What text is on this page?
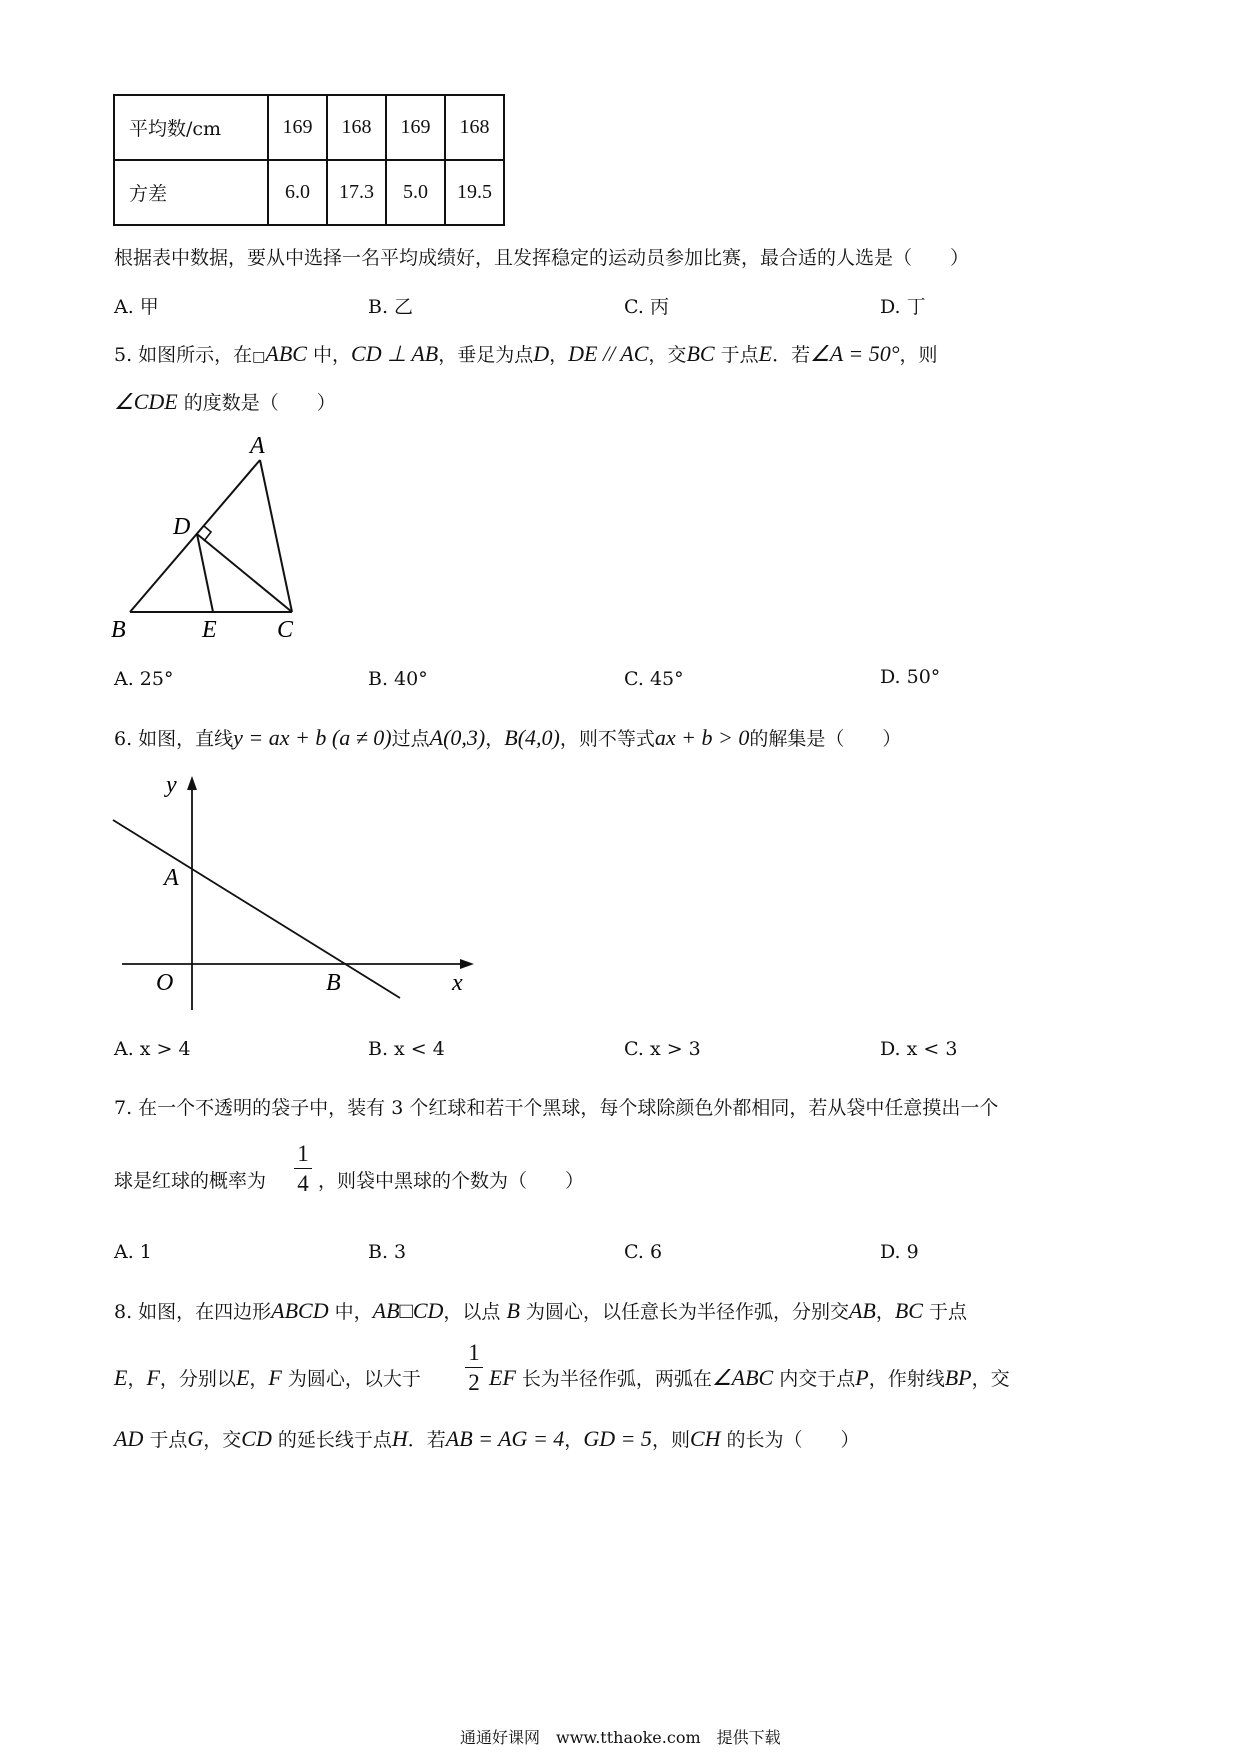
平均数/cm	169	168	169	168
方差	6.0	17.3	5.0	19.5
根据表中数据，要从中选择一名平均成绩好，且发挥稳定的运动员参加比赛，最合适的人选是（　　）
A. 甲	B. 乙	C. 丙	D. 丁
5. 如图所示，在□ABC 中，CD ⊥ AB，垂足为点D，DE // AC，交BC 于点E．若∠A = 50°，则
∠CDE 的度数是（　　）
A
D
B	E	C
A. 25°	B. 40°	C. 45°	D. 50°
6. 如图，直线y = ax + b (a ≠ 0)过点A(0,3)，B(4,0)，则不等式ax + b > 0的解集是（　　）
y
x
O
A
B
A. x > 4	B. x < 4	C. x > 3	D. x < 3
7. 在一个不透明的袋子中，装有 3 个红球和若干个黑球，每个球除颜色外都相同，若从袋中任意摸出一个
球是红球的概率为
1
4 ，则袋中黑球的个数为（　　）
A. 1	B. 3	C. 6	D. 9
8. 如图，在四边形ABCD 中，AB□CD，以点 B 为圆心，以任意长为半径作弧，分别交AB，BC 于点
E，F，分别以E，F 为圆心，以大于
1
2 EF 长为半径作弧，两弧在∠ABC 内交于点P，作射线BP，交
AD 于点G，交CD 的延长线于点H．若AB = AG = 4，GD = 5，则CH 的长为（　　）
通通好课网　www.tthaoke.com　提供下载
